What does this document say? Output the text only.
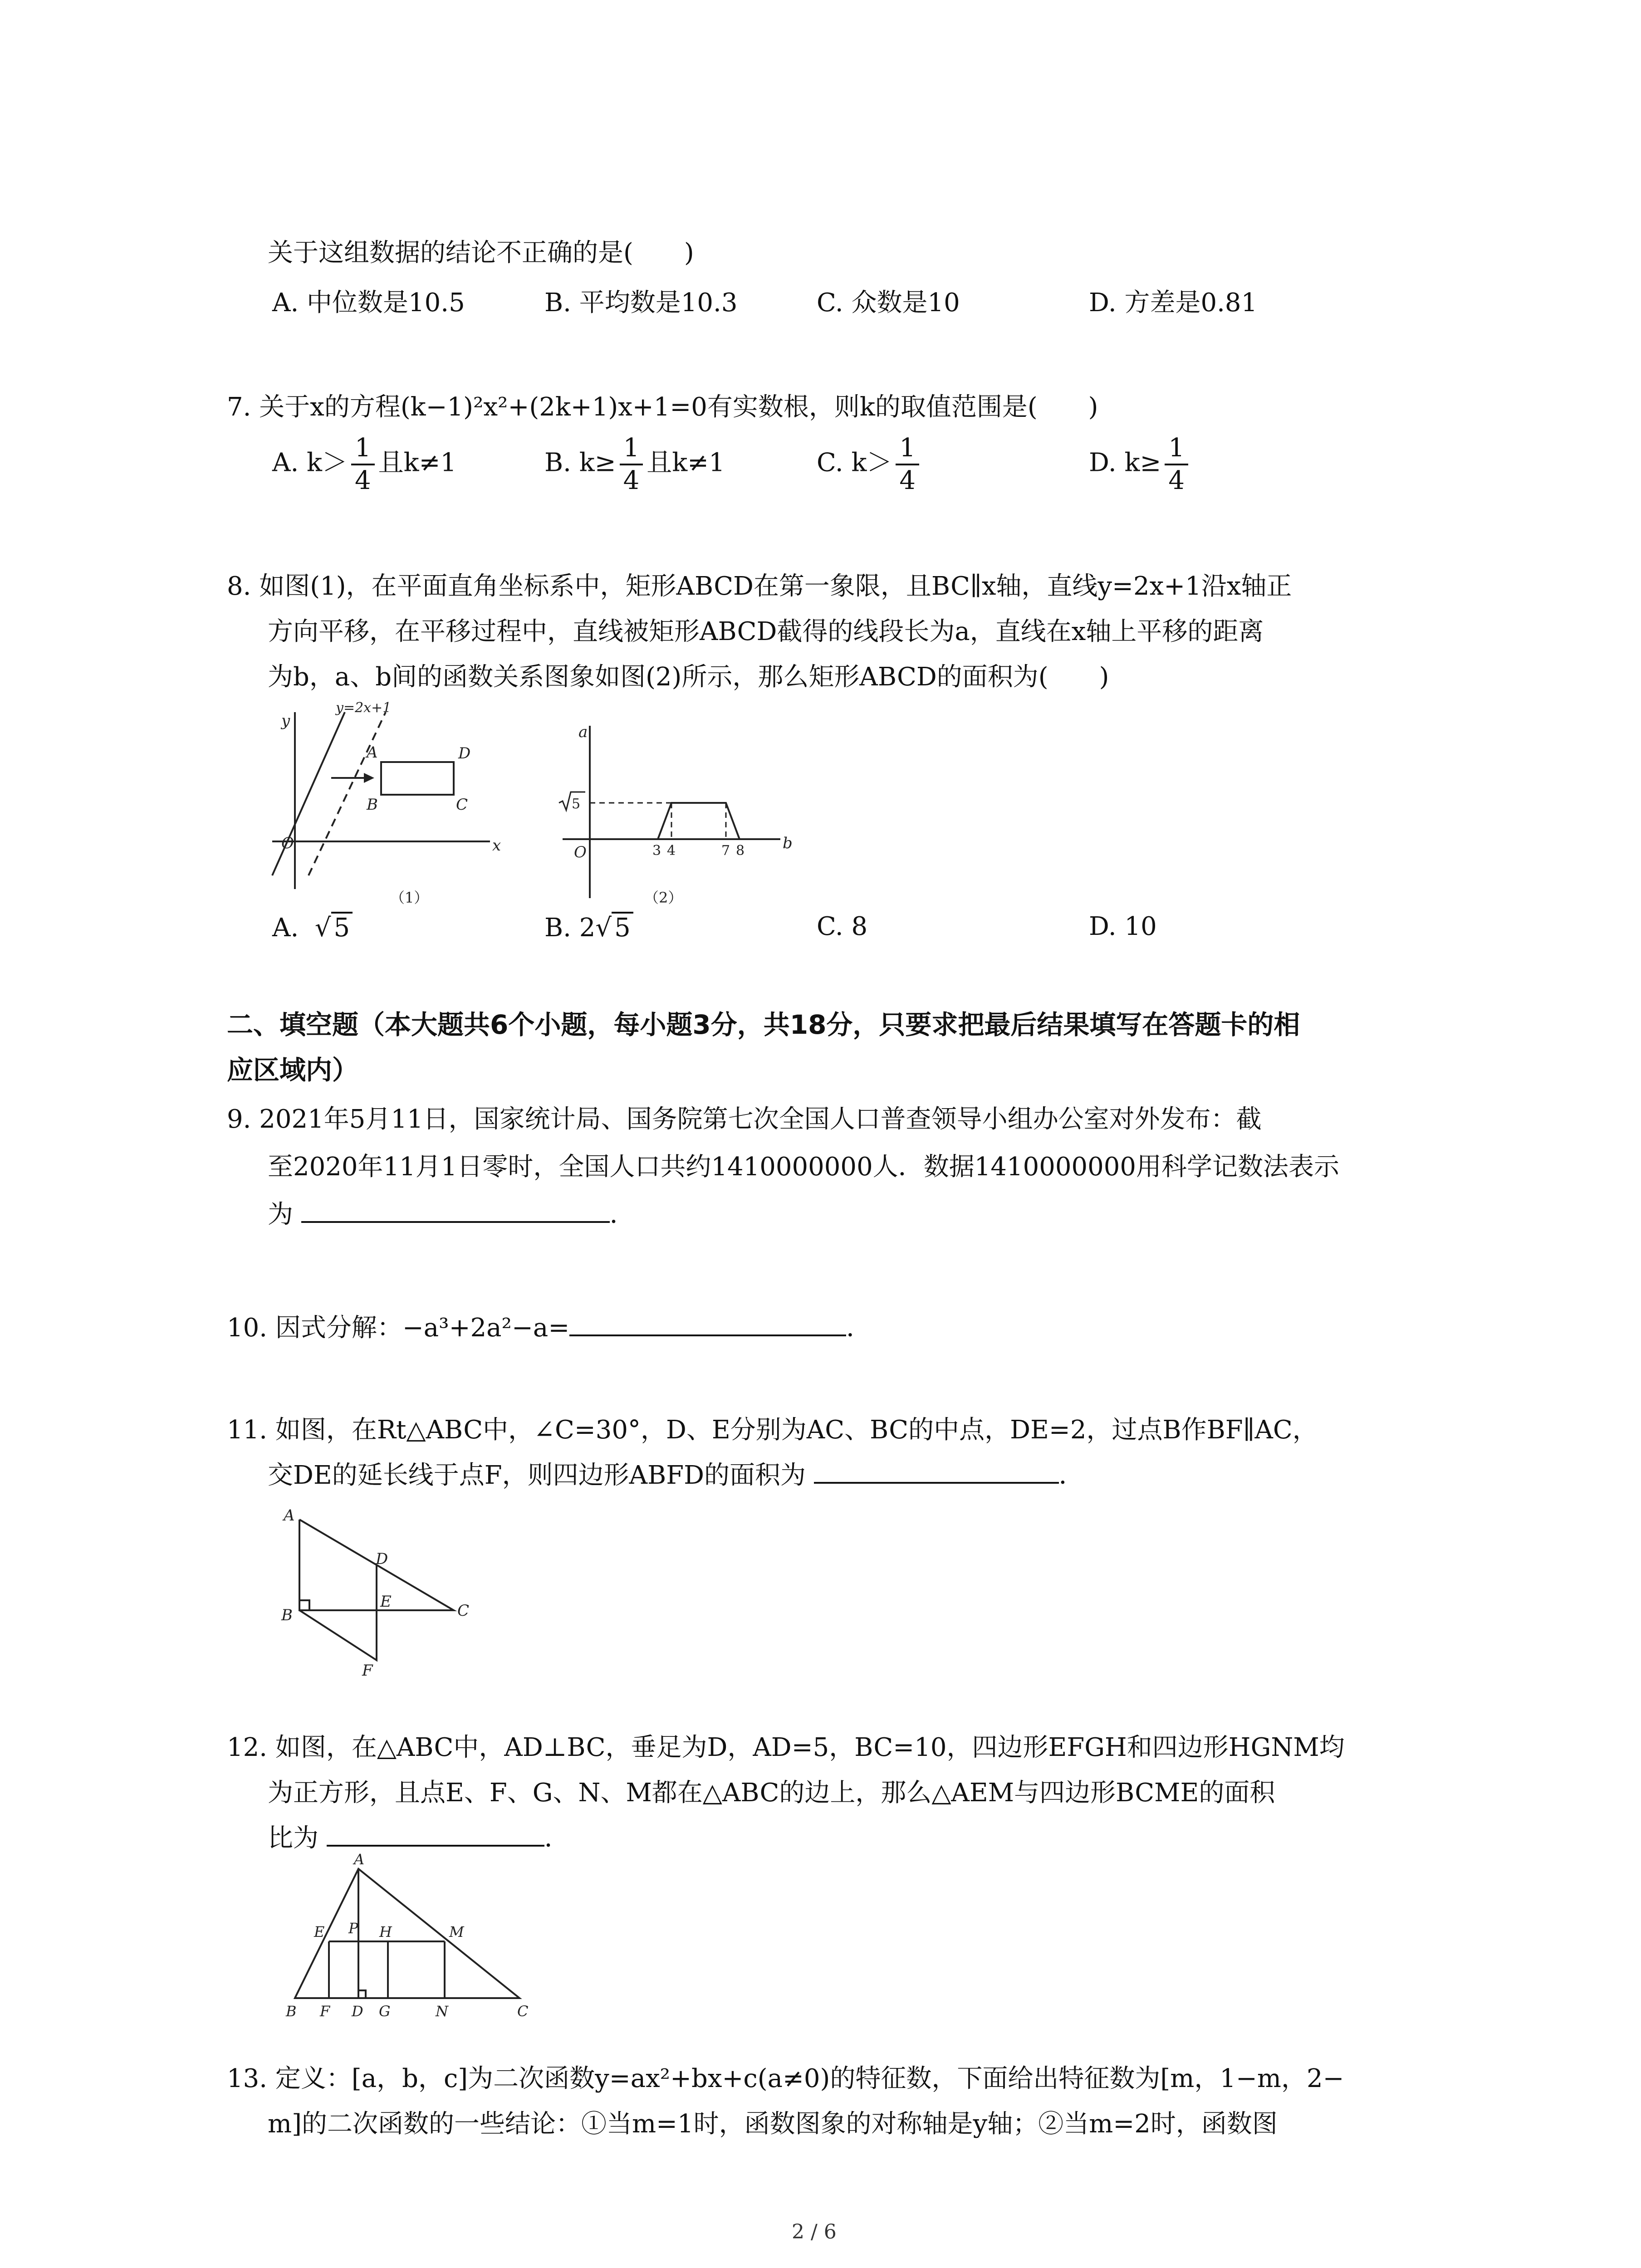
关于这组数据的结论不正确的是(　　)
A. 中位数是10.5	B. 平均数是10.3	C. 众数是10	D. 方差是0.81
7. 关于x的方程(k−1)²x²+(2k+1)x+1=0有实数根，则k的取值范围是(　　)
A. $k> \frac{1}{4}$ 且k≠1	B. $k\ge \frac{1}{4}$ 且k≠1	C. $k> \frac{1}{4}$	D. $k\ge \frac{1}{4}$
8. 如图(1)，在平面直角坐标系中，矩形ABCD在第一象限，且BC∥x轴，直线y=2x+1沿x轴正
方向平移，在平移过程中，直线被矩形ABCD截得的线段长为a，直线在x轴上平移的距离
为b，a、b间的函数关系图象如图(2)所示，那么矩形ABCD的面积为(　　)
y
x
O
y=2x+1
A
B	C
D
（1）
a
b
O
5
3 4	7 8
（2）
A.  √ 5	B. 2√ 5	C. 8	D. 10
二、填空题（本大题共6个小题，每小题3分，共18分，只要求把最后结果填写在答题卡的相
应区域内）
9. 2021年5月11日，国家统计局、国务院第七次全国人口普查领导小组办公室对外发布：截
至2020年11月1日零时，全国人口共约1410000000人．数据1410000000用科学记数法表示
为	．
10. 因式分解：−a³+2a²−a=	．
11. 如图，在Rt△ABC中，∠C=30°，D、E分别为AC、BC的中点，DE=2，过点B作BF∥AC，
交DE的延长线于点F，则四边形ABFD的面积为	．
A
B	C
D
E
F
12. 如图，在△ABC中，AD⊥BC，垂足为D，AD=5，BC=10，四边形EFGH和四边形HGNM均
为正方形，且点E、F、G、N、M都在△ABC的边上，那么△AEM与四边形BCME的面积
比为	．
A
B F D G	N	C
E P H	M
13. 定义：[a，b，c]为二次函数y=ax²+bx+c(a≠0)的特征数，下面给出特征数为[m，1−m，2−
m]的二次函数的一些结论：①当m=1时，函数图象的对称轴是y轴；②当m=2时，函数图
2 / 6
